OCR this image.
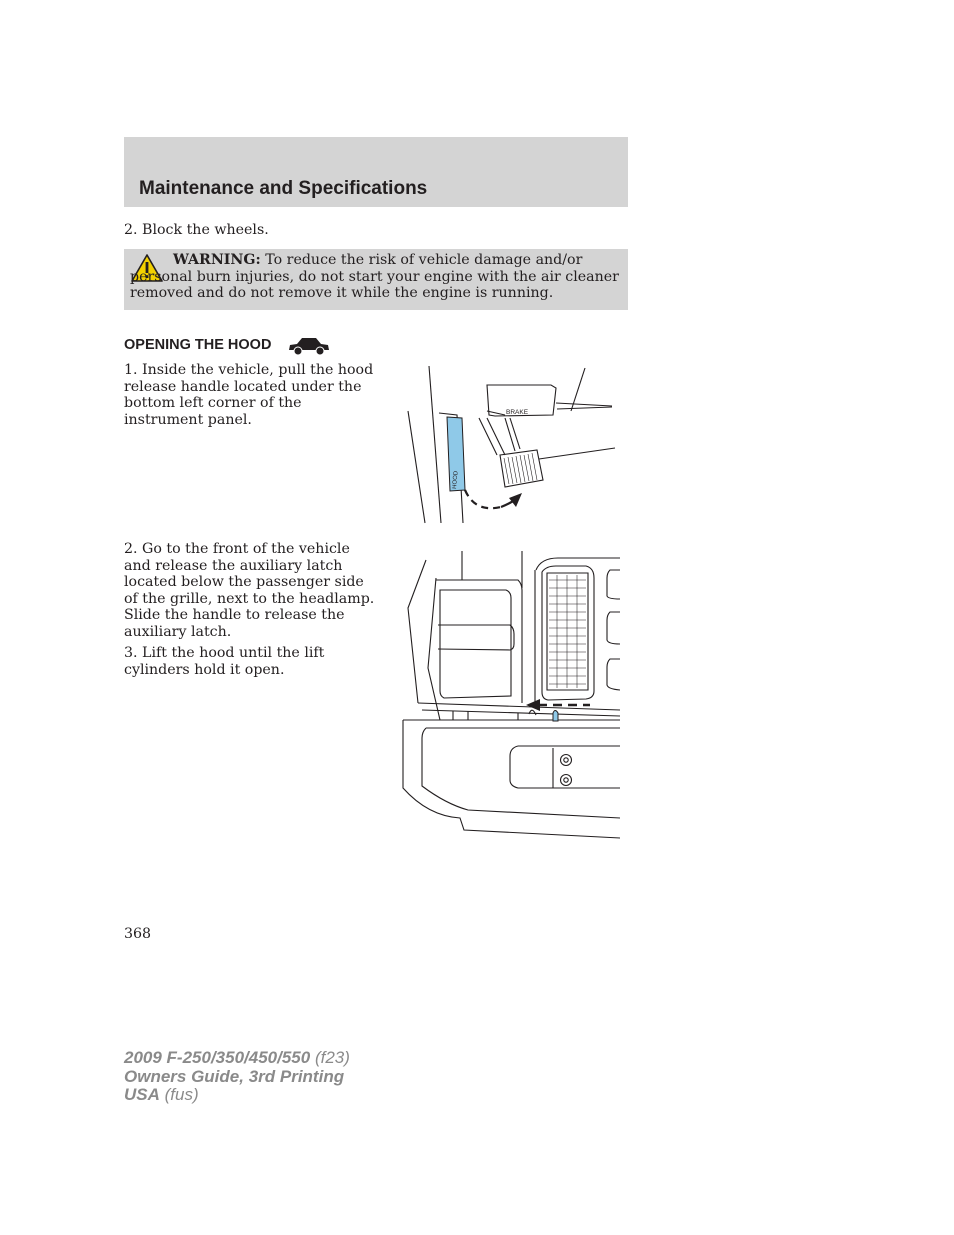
Maintenance and Specifications
2. Block the wheels.
WARNING: To reduce the risk of vehicle damage and/or personal burn injuries, do not start your engine with the air cleaner removed and do not remove it while the engine is running.
OPENING THE HOOD
1. Inside the vehicle, pull the hood release handle located under the bottom left corner of the instrument panel.
2. Go to the front of the vehicle and release the auxiliary latch located below the passenger side of the grille, next to the headlamp. Slide the handle to release the auxiliary latch.
3. Lift the hood until the lift cylinders hold it open.
HOOD
BRAKE
368
2009 F-250/350/450/550 (f23)
Owners Guide, 3rd Printing
USA (fus)
